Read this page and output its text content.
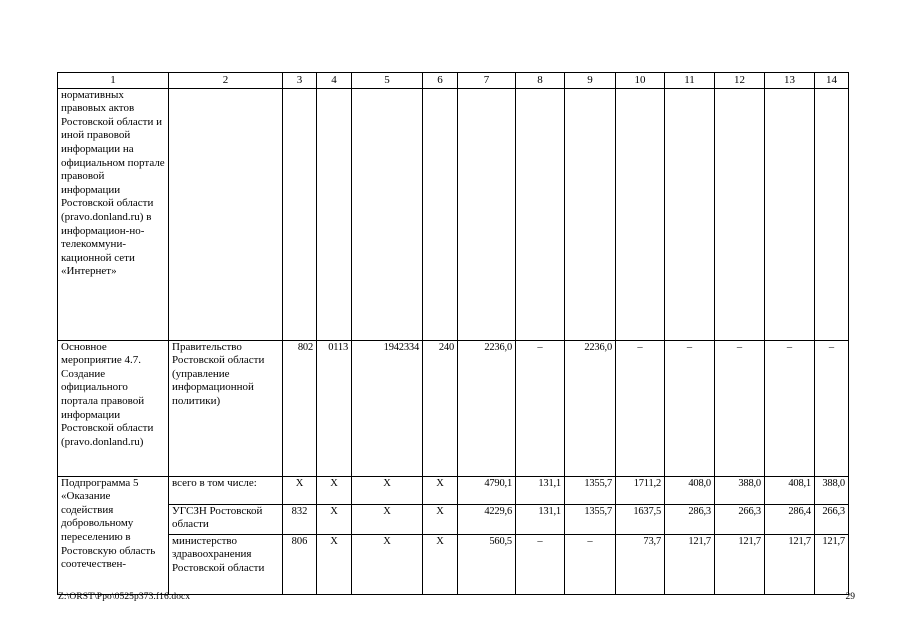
1	2	3	4	5	6	7	8	9	10	11	12	13	14
нормативных правовых актов Ростовской области и иной правовой информации на официальном портале правовой информации Ростовской области (pravo.donland.ru) в информацион-но-телекоммуни-кационной сети «Интернет»													
Основное мероприятие 4.7. Создание официального портала правовой информации Ростовской области (pravo.donland.ru)	Правительство Ростовской области (управление информационной политики)	802	0113	1942334	240	2236,0	–	2236,0	–	–	–	–	–
Подпрограмма 5 «Оказание содействия добровольному переселению в Ростовскую область соотечествен-	всего в том числе:	X	X	X	X	4790,1	131,1	1355,7	1711,2	408,0	388,0	408,1	388,0
	УГСЗН Ростовской области	832	X	X	X	4229,6	131,1	1355,7	1637,5	286,3	266,3	286,4	266,3
	министерство здравоохранения Ростовской области	806	X	X	X	560,5	–	–	73,7	121,7	121,7	121,7	121,7
Z:\ORST\Ppo\0525p373.f16.docx	29
